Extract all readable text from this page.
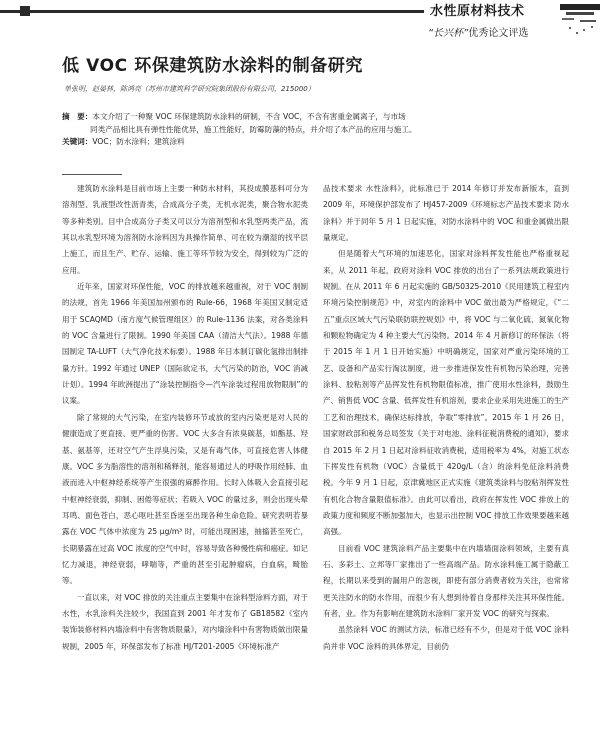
水性原材料技术
“长兴杯”优秀论文评选
低 VOC 环保建筑防水涂料的制备研究
单张明，赵晏林，陈鸿亮（苏州市建筑科学研究院集团股份有限公司，215000）
摘　要：本文介绍了一种聚 VOC 环保建筑防水涂料的研制，不含 VOC，不含有害重金属离子，与市场
同类产品相比具有弹性性能优异，施工性能好，防霉防藻的特点，并介绍了本产品的应用与施工。
关键词：VOC；防水涂料；建筑涂料

建筑防水涂料是目前市场上主要一种防水材料，其投成膜基料可分为溶剂型、乳液型改性沥青类，合成高分子类，无机水泥类，聚合物水泥类等多种类别。目中合成高分子类又可以分为溶剂型和水乳型两类产品，流其以水乳型环境为溶剂防水涂料因为具操作简单、可在较为潮湿的找平层上施工，而且生产、贮存、运输、施工等环节较为安全，得到较为广泛的应用。

近年来，国家对环保性能，VOC 的排放越来越重视，对于 VOC 制制的法规，首先 1966 年美国加州颁布的 Rule-66，1968 年美国又制定适用于 SCAQMD（南方度气候管理组区）的 Rule-1136 法案，对各类涂料的 VOC 含量进行了限制。1990 年美国 CAA（清洁大气法）。1988 年德国制定 TA-LUFT（大气净化技术标要）。1988 年日本制订碳化氢排出制排量方针。1992 年通过 UNEP（国际欲定书，大气污染的防治，VOC 消减计划）。1994 年欧洲提出了“涂装控制指令—汽车涂装过程用放物限制”的议案。

除了常规的大气污染，在室内装修环节或放的室内污染更是对人民的健康造成了更直接、更严重的伤害。VOC 大多含有浓臭碳基，如酯基、羟基、氨基等，还对空气产生浮臭污染，又是有毒气体，可直接危害人体健康。VOC 多为脂溶性的溶剂和稀释剂，能容易通过人的呼吸作用经肺、血液而进入中枢神经系统等产生很强的麻醉作用。长时入体吸入会直接引起中枢神经衰弱，抑制、困倦等症状；若吸入 VOC 的量过多，则会出现头晕耳鸣、面色苍白，恶心呕吐甚至昏迷至出现各种生命危险。研究表明若暴露在 VOC 气体中浓度为 25 μg/m³ 时，可能出现困速，抽搐甚至死亡，长期暴露在过高 VOC 浓度的空气中时，容易导致各种慢性病和癌症。如记忆力减退，神经衰弱，哮喘等，严重的甚至引起肿瘤病，白血病，畸胎等。

一直以来，对 VOC 排放的关注重点主要集中在涂料型涂料方面，对于水性，水乳涂料关注较少，我国直到 2001 年才发布了 GB18582《室内装饰装修材料内墙涂料中有害物质限量》，对内墙涂料中有害物质做出限量规制，2005 年，环保部发布了标准 HJ/T201-2005《环境标准产

品技术要求 水性涂料》，此标准已于 2014 年修订并发布新版本，直到 2009 年，环境保护部发布了 HJ457-2009《环境标志产品技术要求 防水涂料》并于同年 5 月 1 日起实施，对防水涂料中的 VOC 和重金属做出限量规定。

但是随着大气环境的加速恶化，国家对涂料挥发性能也严格重视起来，从 2011 年起，政府对涂料 VOC 排放的出台了一系列法规政策进行规制。在从 2011 年 6 月起实施的 GB/50325-2010《民用建筑工程室内环境污染控制规范》中，对室内的涂料中 VOC 做出最为严格规定，《“二五”重点区域大气污染联防联控规划》中，将 VOC 与二氧化硫、氮氧化物和颗粒物确定为 4 种主要大气污染物。2014 年 4 月新修订的环保法（将于 2015 年 1 月 1 日开始实施）中明确规定，国家对严重污染环境的工艺、设备和产品实行淘汰制度，进一步推进保发性有机物污染治理，完善涂料、胶粘剂等产品挥发性有机物限值标准，推广使用水性涂料，鼓励生产、销售低 VOC 含量、低挥发性有机溶剂，要求企业采用先进施工的生产工艺和治理技术，确保达标排放，争取“零排放”。2015 年 1 月 26 日，国家财政部和税务总局签发《关于对电池、涂料征税消费税的通知》，要求自 2015 年 2 月 1 日起对涂料征收消费税，适用税率为 4%，对施工状态下挥发性有机物（VOC）含量低于 420g/L（含）的涂料免征涂料消费税。今年 9 月 1 日起，京津冀地区正式实施《建筑类涂料与胶粘剂挥发性有机化合物含量限值标准》。由此可以看出，政府在挥发性 VOC 排放上的政策力度和频度不断加强加大，也显示出控制 VOC 排放工作效果要越来越高强。

目前看 VOC 建筑涂料产品主要集中在内墙墙面涂料领域，主要有真石、多彩土、立邦等厂家推出了一些高端产品。防水涂料施工属于隐蔽工程，长期以来受到的漏用户的忽视，即使有部分消费者较为关注，也常常更关注防水的防水作用，而很少有人想到待着自身那样关注其环保性能。有者，业。作为有影响在建筑防水涂料厂家开发 VOC 的研究与探索。

虽然涂料 VOC 的测试方法，标准已经有不少，但是对于低 VOC 涂料尚并非 VOC 涂料的具体界定，目前仍
